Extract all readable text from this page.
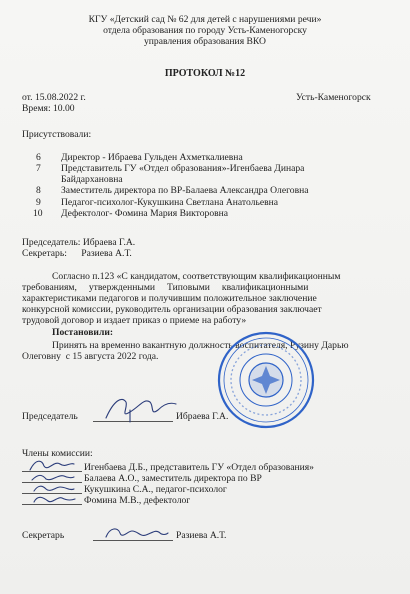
КГУ «Детский сад № 62 для детей с нарушениями речи»
отдела образования по городу Усть-Каменогорску
управления образования ВКО
ПРОТОКОЛ №12
от. 15.08.2022 г.
Время: 10.00
Усть-Каменогорск
Присутствовали:
6 Директор - Ибраева Гульден Ахметкалиевна
7 Представитель ГУ «Отдел образования»-Игенбаева Динара
Байдархановна
8 Заместитель директора по ВР-Балаева Александра Олеговна
9 Педагог-психолог-Кукушкина Светлана Анатольевна
10 Дефектолог- Фомина Мария Викторовна
Председатель: Ибраева Г.А.
Секретарь:      Разиева А.Т.
Согласно п.123 «С кандидатом, соответствующим квалификационным
требованиям,     утвержденными     Типовыми     квалификационными
характеристиками педагогов и получившим положительное заключение
конкурсной комиссии, руководитель организации образования заключает
трудовой договор и издает приказ о приеме на работу»
Постановили:
Принять на временно вакантную должность воспитателя, Рузину Дарью
Олеговну  с 15 августа 2022 года.
Председатель	Ибраева Г.А.
Члены комиссии:
Игенбаева Д.Б., представитель ГУ «Отдел образования»
Балаева А.О., заместитель директора по ВР
Кукушкина С.А., педагог-психолог
Фомина М.В., дефектолог
Секретарь	Разиева А.Т.
